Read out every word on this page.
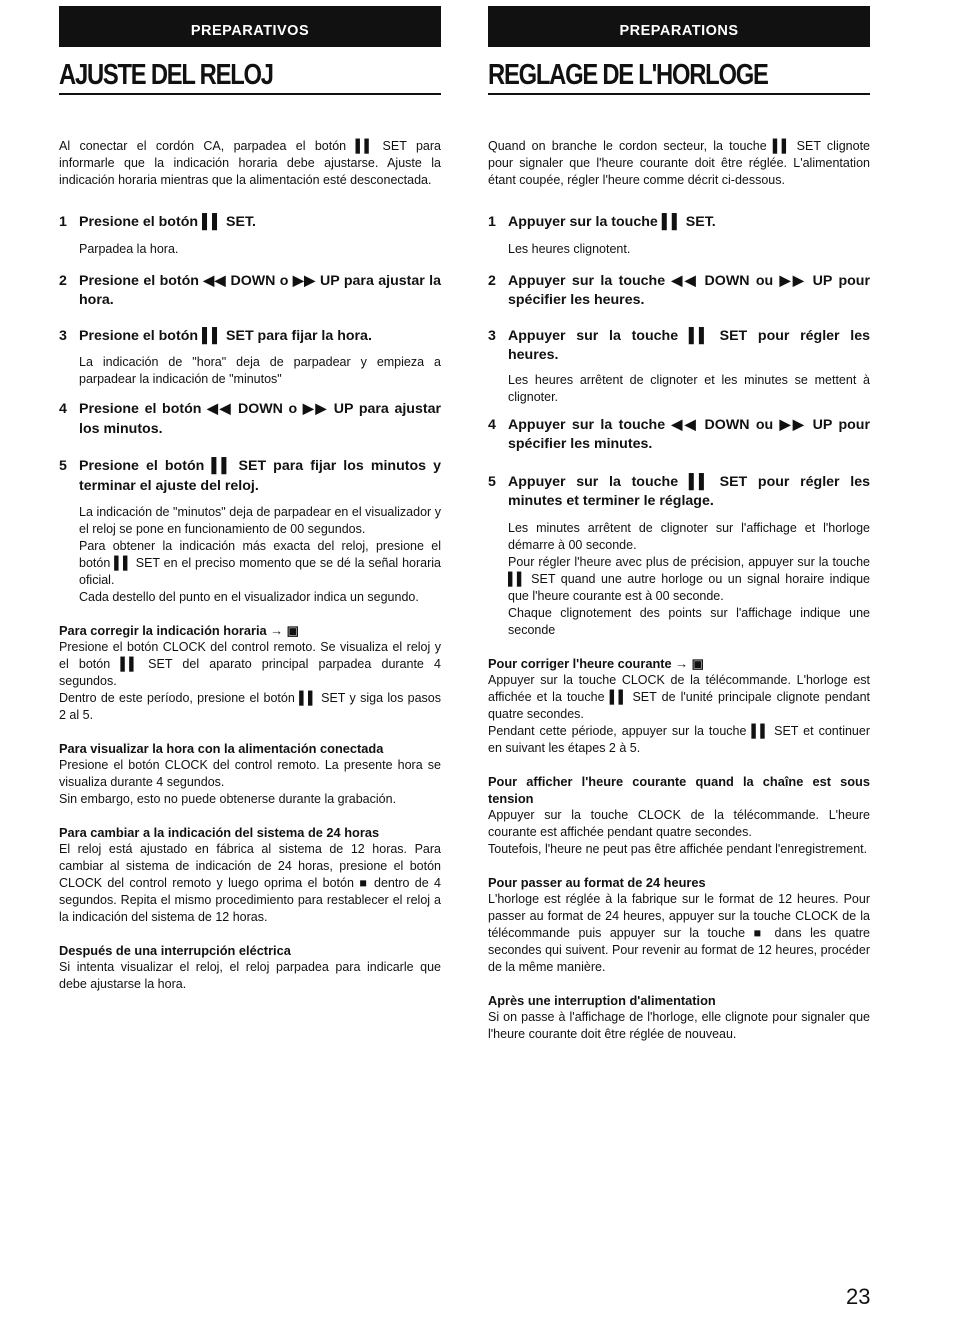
PREPARATIVOS
AJUSTE DEL RELOJ

Al conectar el cordón CA, parpadea el botón ▌▌ SET para informarle que la indicación horaria debe ajustarse. Ajuste la indicación horaria mientras que la alimentación esté desconectada.

1 Presione el botón ▌▌ SET.

Parpadea la hora.

2 Presione el botón ◀◀ DOWN o ▶▶ UP para ajustar la hora.
3 Presione el botón ▌▌ SET para fijar la hora.

La indicación de "hora" deja de parpadear y empieza a parpadear la indicación de "minutos"

4 Presione el botón ◀◀ DOWN o ▶▶ UP para ajustar los minutos.
5 Presione el botón ▌▌ SET para fijar los minutos y terminar el ajuste del reloj.

La indicación de "minutos" deja de parpadear en el visualizador y el reloj se pone en funcionamiento de 00 segundos.
Para obtener la indicación más exacta del reloj, presione el botón ▌▌ SET en el preciso momento que se dé la señal horaria oficial.
Cada destello del punto en el visualizador indica un segundo.

Para corregir la indicación horaria → ▣

Presione el botón CLOCK del control remoto. Se visualiza el reloj y el botón ▌▌ SET del aparato principal parpadea durante 4 segundos.
Dentro de este período, presione el botón ▌▌ SET y siga los pasos 2 al 5.

Para visualizar la hora con la alimentación conectada

Presione el botón CLOCK del control remoto. La presente hora se visualiza durante 4 segundos.
Sin embargo, esto no puede obtenerse durante la grabación.

Para cambiar a la indicación del sistema de 24 horas

El reloj está ajustado en fábrica al sistema de 12 horas. Para cambiar al sistema de indicación de 24 horas, presione el botón CLOCK del control remoto y luego oprima el botón ■ dentro de 4 segundos. Repita el mismo procedimiento para restablecer el reloj a la indicación del sistema de 12 horas.

Después de una interrupción eléctrica

Si intenta visualizar el reloj, el reloj parpadea para indicarle que debe ajustarse la hora.

PREPARATIONS
REGLAGE DE L'HORLOGE

Quand on branche le cordon secteur, la touche ▌▌ SET clignote pour signaler que l'heure courante doit être réglée. L'alimentation étant coupée, régler l'heure comme décrit ci-dessous.

1 Appuyer sur la touche ▌▌ SET.

Les heures clignotent.

2 Appuyer sur la touche ◀◀ DOWN ou ▶▶ UP pour spécifier les heures.
3 Appuyer sur la touche ▌▌ SET pour régler les heures.

Les heures arrêtent de clignoter et les minutes se mettent à clignoter.

4 Appuyer sur la touche ◀◀ DOWN ou ▶▶ UP pour spécifier les minutes.
5 Appuyer sur la touche ▌▌ SET pour régler les minutes et terminer le réglage.

Les minutes arrêtent de clignoter sur l'affichage et l'horloge démarre à 00 seconde.
Pour régler l'heure avec plus de précision, appuyer sur la touche ▌▌ SET quand une autre horloge ou un signal horaire indique que l'heure courante est à 00 seconde.
Chaque clignotement des points sur l'affichage indique une seconde

Pour corriger l'heure courante → ▣

Appuyer sur la touche CLOCK de la télécommande. L'horloge est affichée et la touche ▌▌ SET de l'unité principale clignote pendant quatre secondes.
Pendant cette période, appuyer sur la touche ▌▌ SET et continuer en suivant les étapes 2 à 5.

Pour afficher l'heure courante quand la chaîne est sous tension

Appuyer sur la touche CLOCK de la télécommande. L'heure courante est affichée pendant quatre secondes.
Toutefois, l'heure ne peut pas être affichée pendant l'enregistrement.

Pour passer au format de 24 heures

L'horloge est réglée à la fabrique sur le format de 12 heures. Pour passer au format de 24 heures, appuyer sur la touche CLOCK de la télécommande puis appuyer sur la touche ■ dans les quatre secondes qui suivent. Pour revenir au format de 12 heures, procéder de la même manière.

Après une interruption d'alimentation

Si on passe à l'affichage de l'horloge, elle clignote pour signaler que l'heure courante doit être réglée de nouveau.

23
